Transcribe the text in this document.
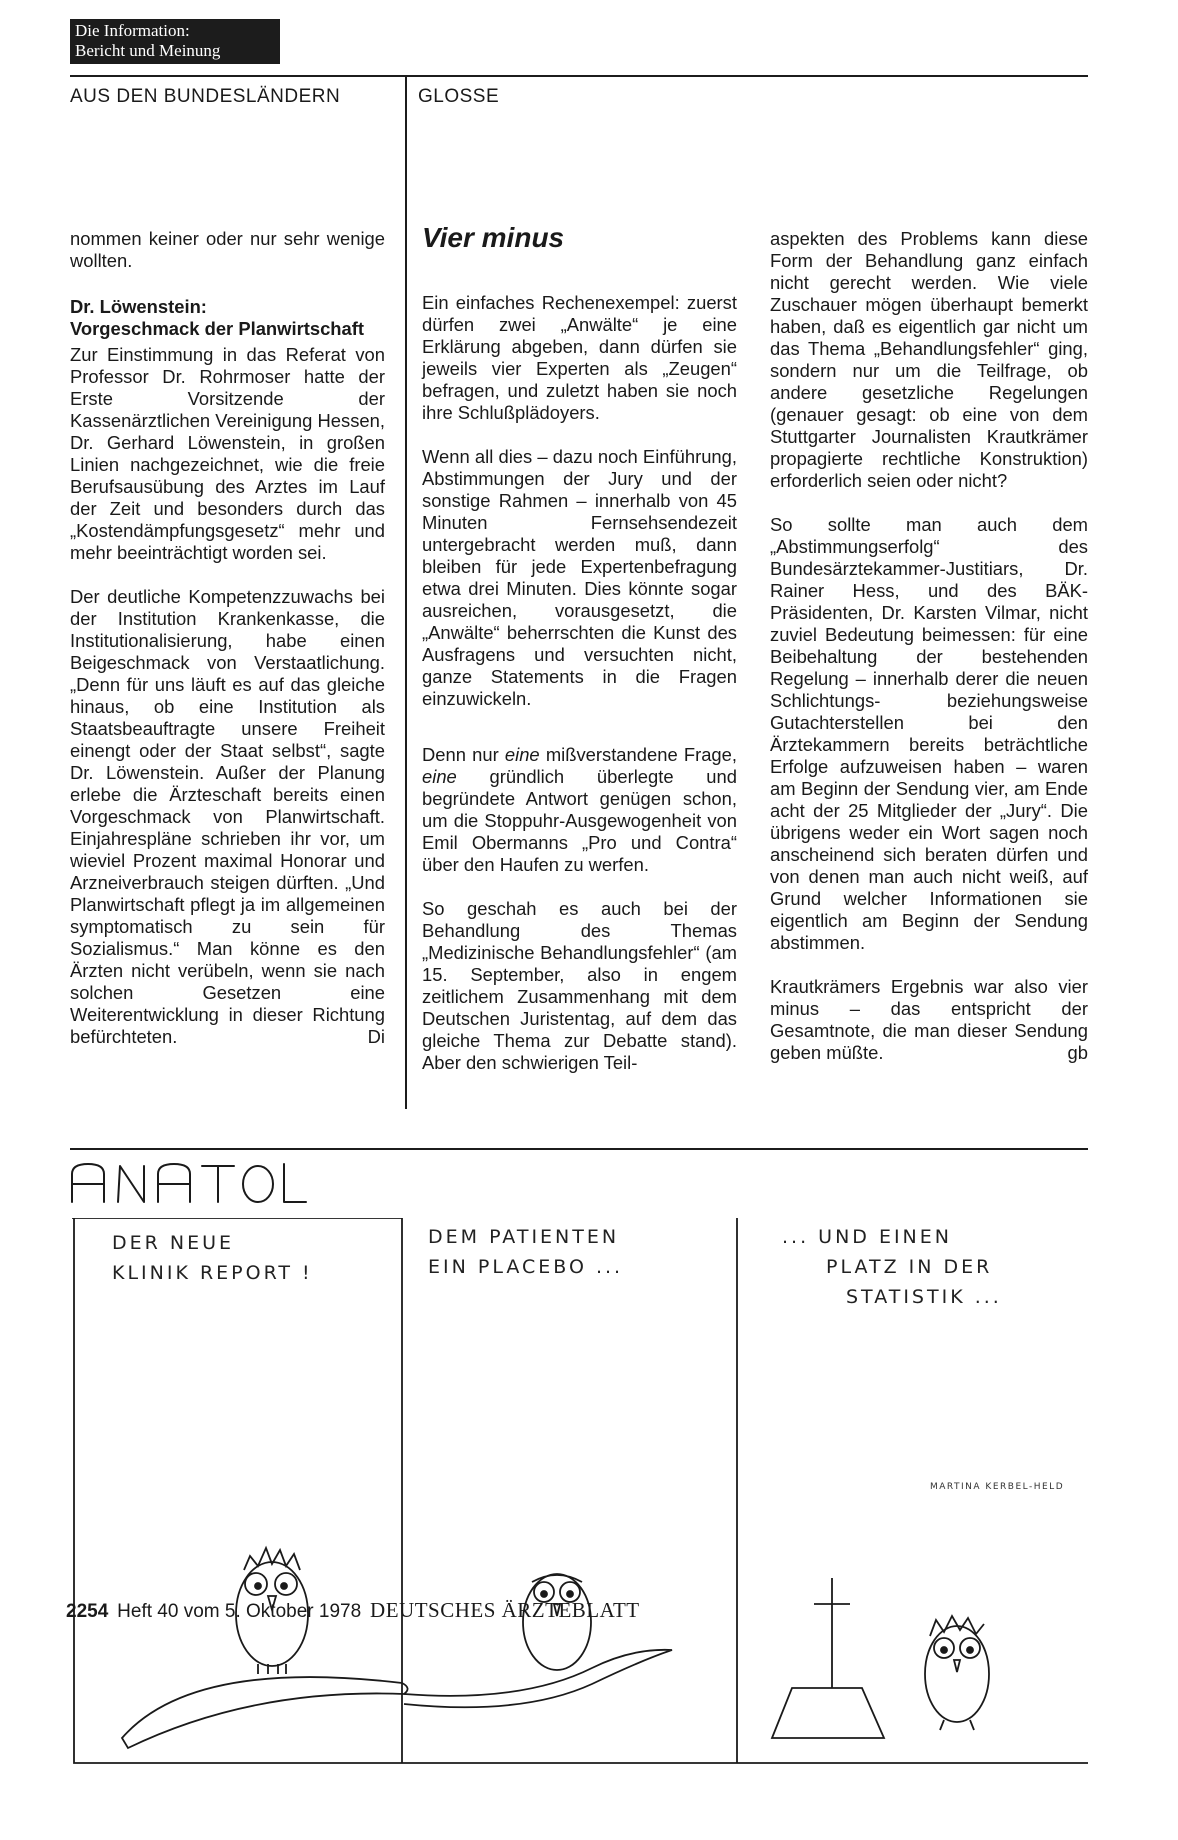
Die Information:
Bericht und Meinung
AUS DEN BUNDESLÄNDERN	GLOSSE

nommen keiner oder nur sehr wenige wollten.

Dr. Löwenstein:

Vorgeschmack der Planwirtschaft

Zur Einstimmung in das Referat von Professor Dr. Rohrmoser hatte der Erste Vorsitzende der Kassenärztlichen Vereinigung Hessen, Dr. Gerhard Löwenstein, in großen Linien nachgezeichnet, wie die freie Berufsausübung des Arztes im Lauf der Zeit und besonders durch das „Kostendämpfungsgesetz“ mehr und mehr beeinträchtigt worden sei.

Der deutliche Kompetenzzuwachs bei der Institution Krankenkasse, die Institutionalisierung, habe einen Beigeschmack von Verstaatlichung. „Denn für uns läuft es auf das gleiche hinaus, ob eine Institution als Staatsbeauftragte unsere Freiheit einengt oder der Staat selbst“, sagte Dr. Löwenstein. Außer der Planung erlebe die Ärzteschaft bereits einen Vorgeschmack von Planwirtschaft. Einjahrespläne schrieben ihr vor, um wieviel Prozent maximal Honorar und Arzneiverbrauch steigen dürften. „Und Planwirtschaft pflegt ja im allgemeinen symptomatisch zu sein für Sozialismus.“ Man könne es den Ärzten nicht verübeln, wenn sie nach solchen Gesetzen eine Weiterentwicklung in dieser Richtung befürchteten.	Di

Vier minus

Ein einfaches Rechenexempel: zuerst dürfen zwei „Anwälte“ je eine Erklärung abgeben, dann dürfen sie jeweils vier Experten als „Zeugen“ befragen, und zuletzt haben sie noch ihre Schlußplädoyers.

Wenn all dies – dazu noch Einführung, Abstimmungen der Jury und der sonstige Rahmen – innerhalb von 45 Minuten Fernsehsendezeit untergebracht werden muß, dann bleiben für jede Expertenbefragung etwa drei Minuten. Dies könnte sogar ausreichen, vorausgesetzt, die „Anwälte“ beherrschten die Kunst des Ausfragens und versuchten nicht, ganze Statements in die Fragen einzuwickeln.

Denn nur eine mißverstandene Frage, eine gründlich überlegte und begründete Antwort genügen schon, um die Stoppuhr-Ausgewogenheit von Emil Obermanns „Pro und Contra“ über den Haufen zu werfen.

So geschah es auch bei der Behandlung des Themas „Medizinische Behandlungsfehler“ (am 15. September, also in engem zeitlichem Zusammenhang mit dem Deutschen Juristentag, auf dem das gleiche Thema zur Debatte stand). Aber den schwierigen Teil-

aspekten des Problems kann diese Form der Behandlung ganz einfach nicht gerecht werden. Wie viele Zuschauer mögen überhaupt bemerkt haben, daß es eigentlich gar nicht um das Thema „Behandlungsfehler“ ging, sondern nur um die Teilfrage, ob andere gesetzliche Regelungen (genauer gesagt: ob eine von dem Stuttgarter Journalisten Krautkrämer propagierte rechtliche Konstruktion) erforderlich seien oder nicht?

So sollte man auch dem „Abstimmungserfolg“ des Bundesärztekammer-Justitiars, Dr. Rainer Hess, und des BÄK-Präsidenten, Dr. Karsten Vilmar, nicht zuviel Bedeutung beimessen: für eine Beibehaltung der bestehenden Regelung – innerhalb derer die neuen Schlichtungs- beziehungsweise Gutachterstellen bei den Ärztekammern bereits beträchtliche Erfolge aufzuweisen haben – waren am Beginn der Sendung vier, am Ende acht der 25 Mitglieder der „Jury“. Die übrigens weder ein Wort sagen noch anscheinend sich beraten dürfen und von denen man auch nicht weiß, auf Grund welcher Informationen sie eigentlich am Beginn der Sendung abstimmen.

Krautkrämers Ergebnis war also vier minus – das entspricht der Gesamtnote, die man dieser Sendung geben müßte.	gb

DER NEUE
KLINIK REPORT !
DEM PATIENTEN
EIN PLACEBO ...
... UND EINEN
PLATZ IN DER
STATISTIK ...
MARTINA KERBEL-HELD
2254 Heft 40 vom 5. Oktober 1978 DEUTSCHES ÄRZTEBLATT
